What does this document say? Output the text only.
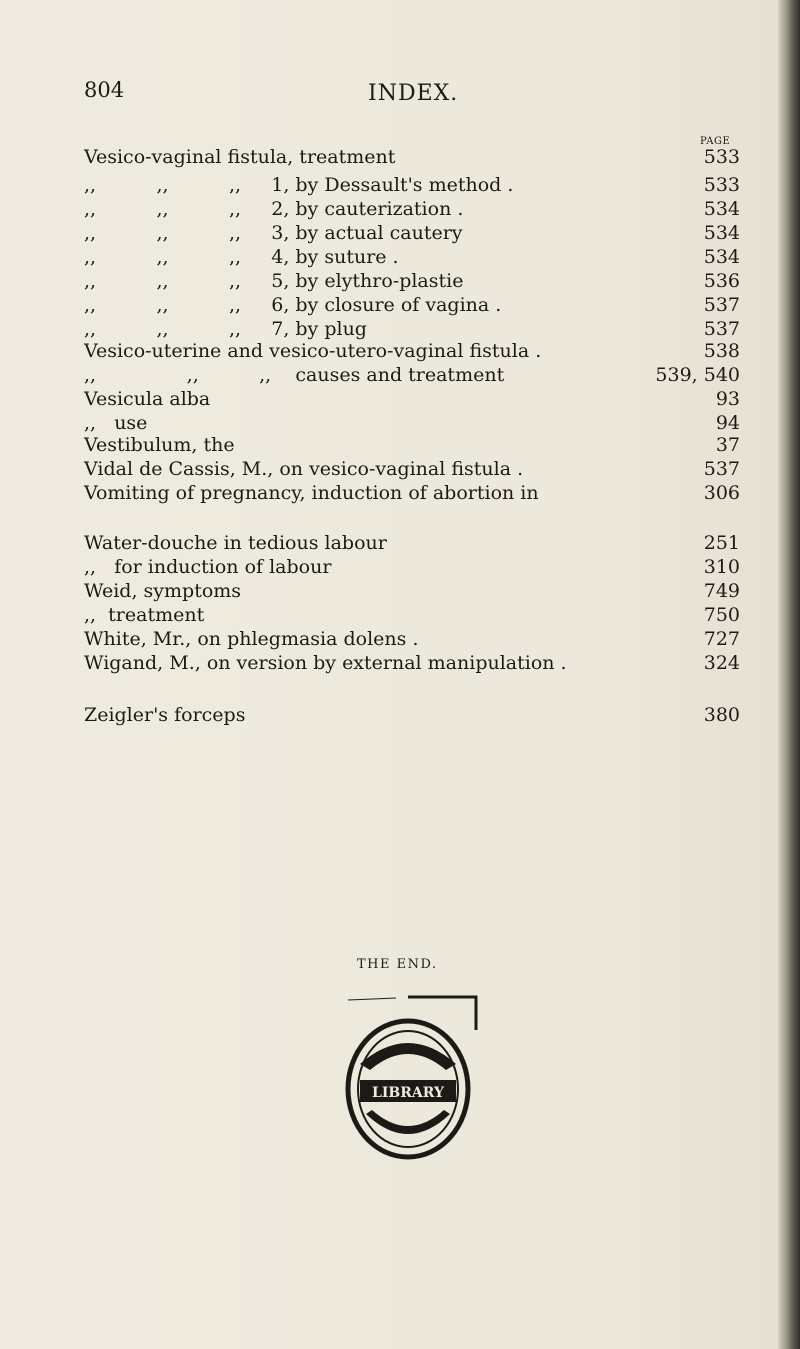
804	INDEX.
PAGE
Vesico-vaginal fistula, treatment	533
,,          ,,          ,,     1, by Dessault's method .	533
,,          ,,          ,,     2, by cauterization .	534
,,          ,,          ,,     3, by actual cautery	534
,,          ,,          ,,     4, by suture .	534
,,          ,,          ,,     5, by elythro-plastie	536
,,          ,,          ,,     6, by closure of vagina .	537
,,          ,,          ,,     7, by plug	537
Vesico-uterine and vesico-utero-vaginal fistula .	538
,,               ,,          ,,    causes and treatment	539, 540
Vesicula alba	93
,,   use	94
Vestibulum, the	37
Vidal de Cassis, M., on vesico-vaginal fistula .	537
Vomiting of pregnancy, induction of abortion in	306
Water-douche in tedious labour	251
,,   for induction of labour	310
Weid, symptoms	749
,,  treatment	750
White, Mr., on phlegmasia dolens .	727
Wigand, M., on version by external manipulation .	324
Zeigler's forceps	380
THE END.
LIBRARY
